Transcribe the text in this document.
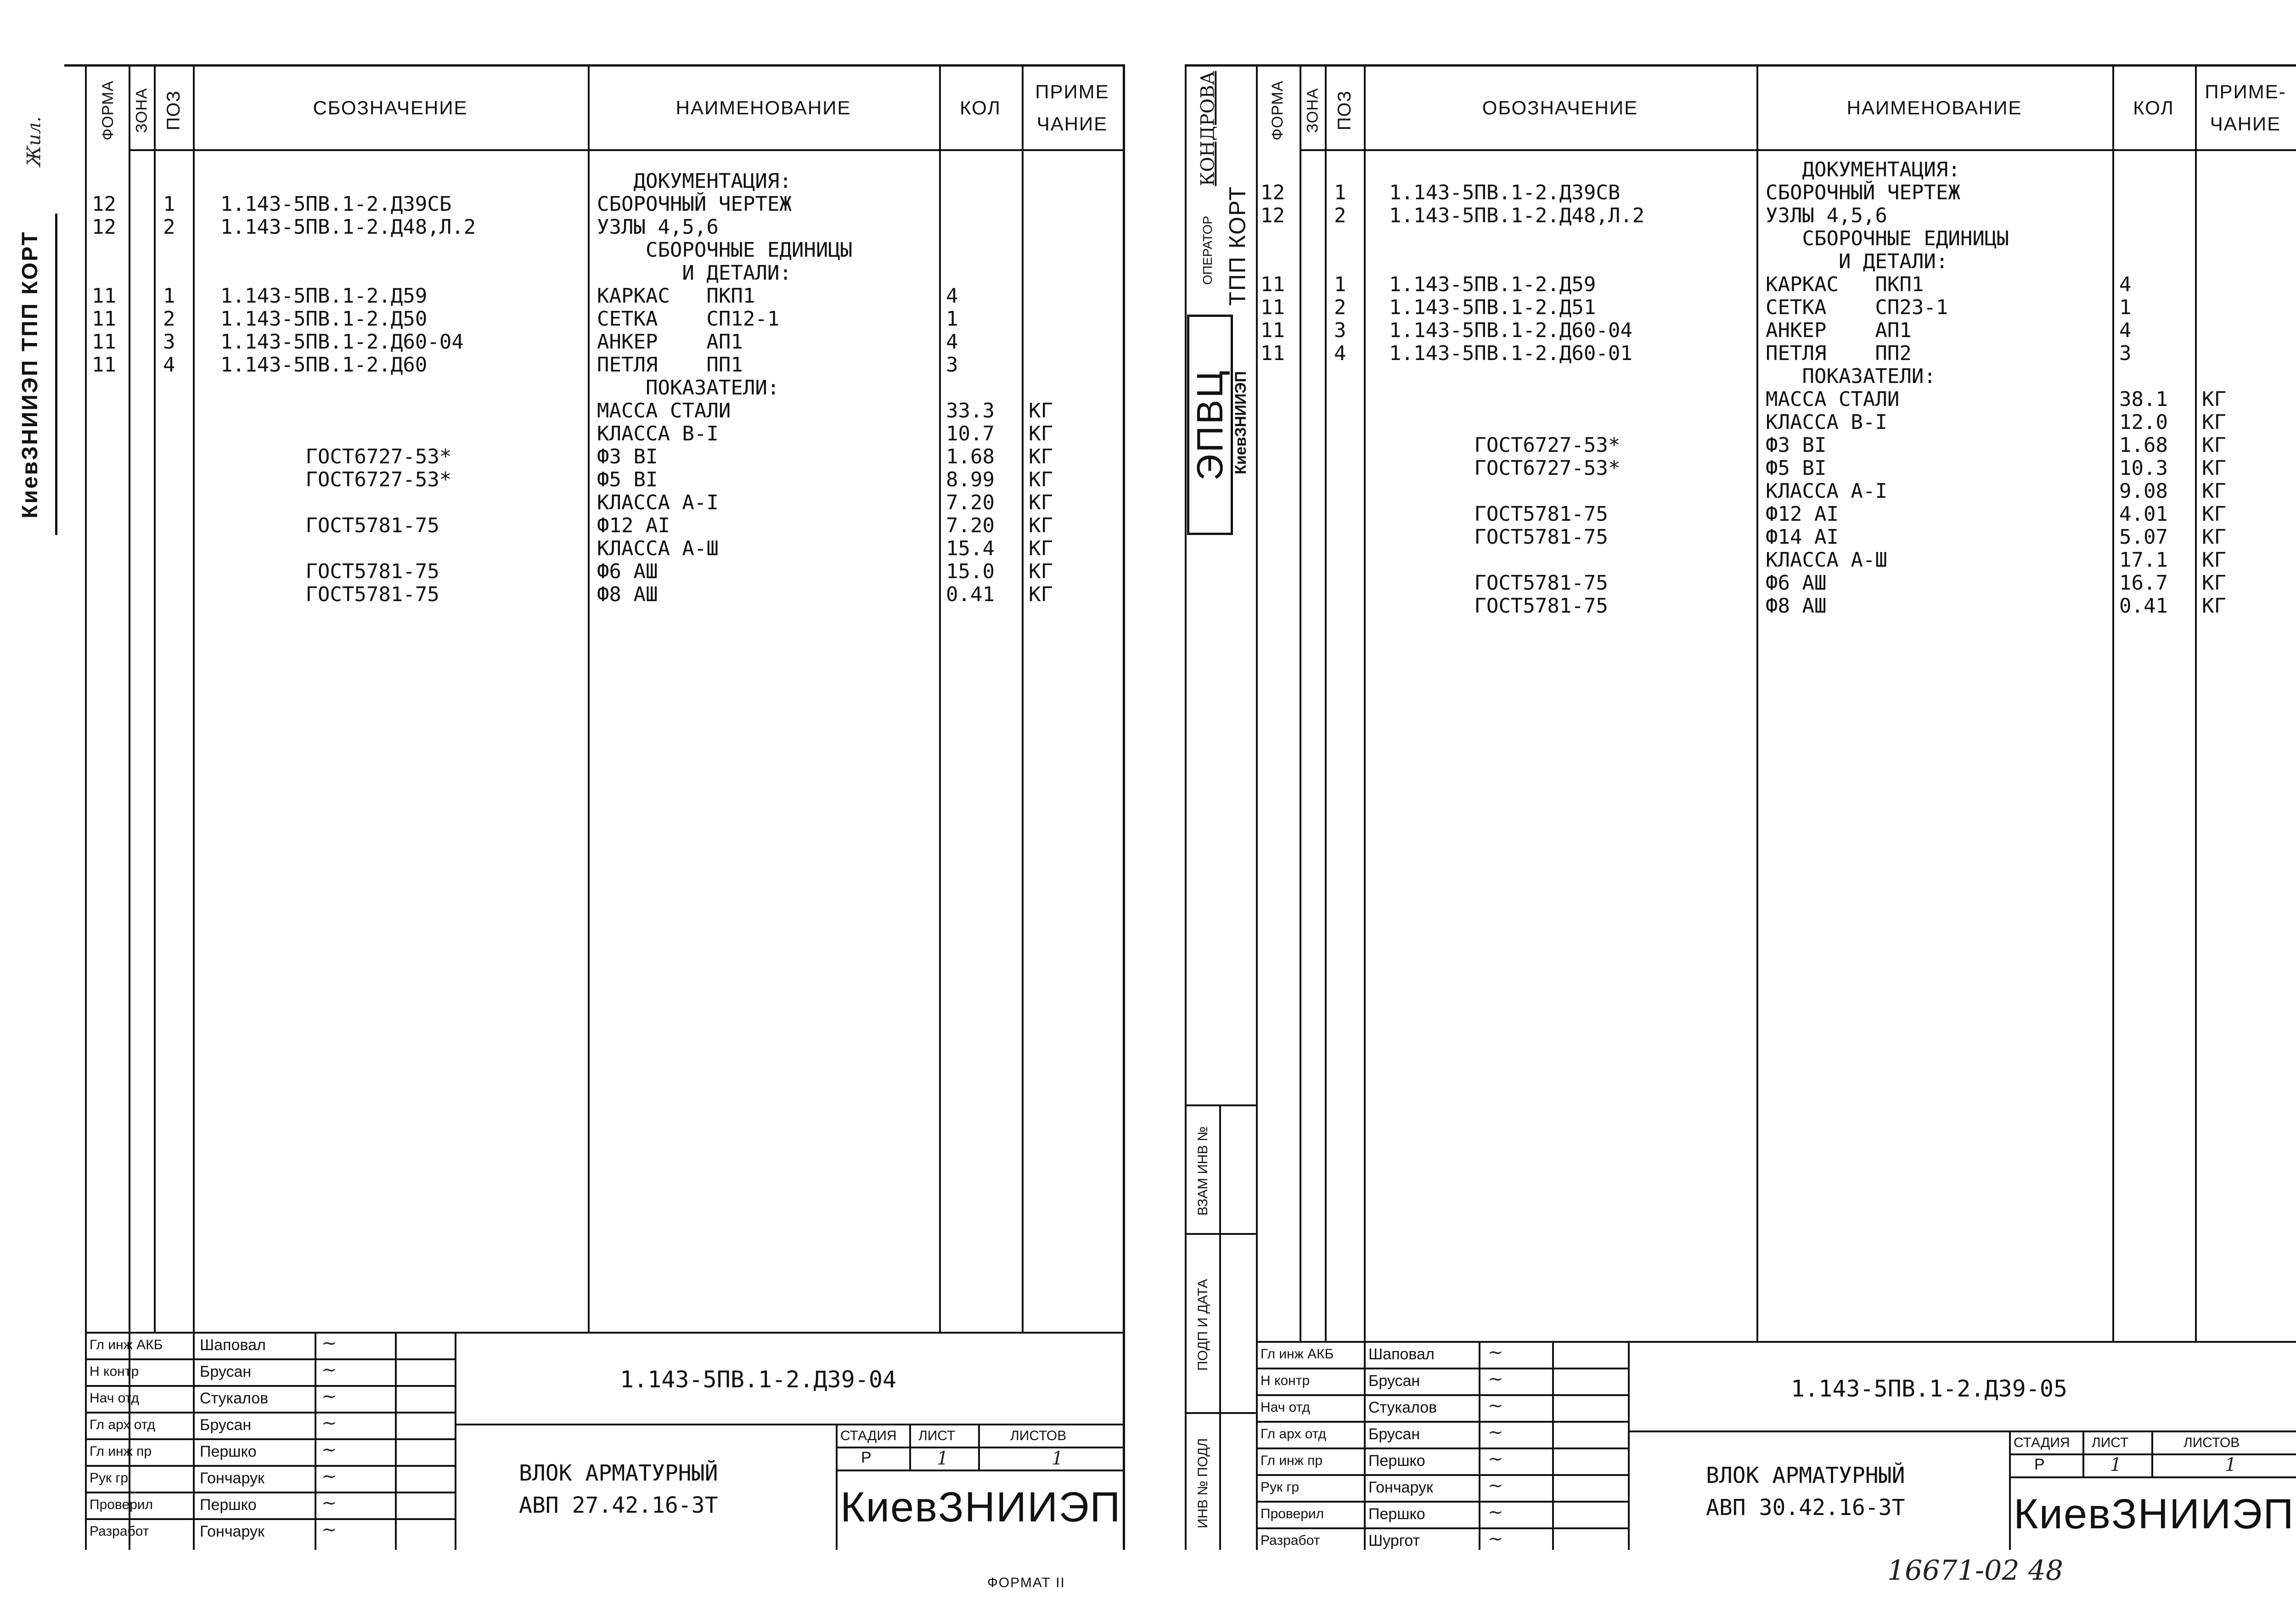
ФОРМА ЗОНА ПОЗ	СБОЗНАЧЕНИЕ	НАИМЕНОВАНИЕ	КОЛ
ПРИМЕ
ЧАНИЕ
ДОКУМЕНТАЦИЯ:
12 1 1.143-5ПВ.1-2.Д39СБ	СБОРОЧНЫЙ ЧЕРТЕЖ
12 2 1.143-5ПВ.1-2.Д48,Л.2	УЗЛЫ 4,5,6
СБОРОЧНЫЕ ЕДИНИЦЫ
И ДЕТАЛИ:
11 1 1.143-5ПВ.1-2.Д59	КАРКАС   ПКП1	4
11 2 1.143-5ПВ.1-2.Д50	СЕТКА    СП12-1	1
11 3 1.143-5ПВ.1-2.Д60-04	АНКЕР    АП1	4
11 4 1.143-5ПВ.1-2.Д60	ПЕТЛЯ    ПП1	3
ПОКАЗАТЕЛИ:
МАССА СТАЛИ	33.3 КГ
КЛАССА В-I	10.7 КГ
ГОСТ6727-53*	Ф3 ВI	1.68 КГ
ГОСТ6727-53*	Ф5 ВI	8.99 КГ
КЛАССА А-I	7.20 КГ
ГОСТ5781-75	Ф12 АI	7.20 КГ
КЛАССА А-Ш	15.4 КГ
ГОСТ5781-75	Ф6 АШ	15.0 КГ
ГОСТ5781-75	Ф8 АШ	0.41 КГ
КиевЗНИИЭП ТПП КОРТ
Жил.
Гл инж АКБ Шаповал	~
Н контр	Брусан	~
Нач отд	Стукалов	~
Гл арх отд	Брусан	~
Гл инж пр	Першко	~
Рук гр	Гончарук	~
Проверил	Першко	~
Разработ	Гончарук	~
1.143-5ПВ.1-2.Д39-04
ВЛОК АРМАТУРНЫЙ
АВП 27.42.16-3Т
СТАДИЯ ЛИСТ	ЛИСТОВ
Р	1	1
КиевЗНИИЭП
ФОРМАТ II
ФОРМА ЗОНА ПОЗ	ОБОЗНАЧЕНИЕ	НАИМЕНОВАНИЕ	КОЛ
ПРИМЕ-
ЧАНИЕ
ДОКУМЕНТАЦИЯ:
12 1 1.143-5ПВ.1-2.Д39СВ	СБОРОЧНЫЙ ЧЕРТЕЖ
12 2 1.143-5ПВ.1-2.Д48,Л.2	УЗЛЫ 4,5,6
СБОРОЧНЫЕ ЕДИНИЦЫ
И ДЕТАЛИ:
11 1 1.143-5ПВ.1-2.Д59	КАРКАС   ПКП1	4
11 2 1.143-5ПВ.1-2.Д51	СЕТКА    СП23-1	1
11 3 1.143-5ПВ.1-2.Д60-04	АНКЕР    АП1	4
11 4 1.143-5ПВ.1-2.Д60-01	ПЕТЛЯ    ПП2	3
ПОКАЗАТЕЛИ:
МАССА СТАЛИ	38.1 КГ
КЛАССА В-I	12.0 КГ
ГОСТ6727-53*	Ф3 ВI	1.68 КГ
ГОСТ6727-53*	Ф5 ВI	10.3 КГ
КЛАССА А-I	9.08 КГ
ГОСТ5781-75	Ф12 АI	4.01 КГ
ГОСТ5781-75	Ф14 АI	5.07 КГ
КЛАССА А-Ш	17.1 КГ
ГОСТ5781-75	Ф6 АШ	16.7 КГ
ГОСТ5781-75	Ф8 АШ	0.41 КГ
ЭПВЦ КиевЗНИИЭП
ОПЕРАТОР ТПП КОРТ
КОНДРОВА
ВЗАМ ИНВ №
ПОДП И ДАТА
ИНВ № ПОДЛ
Гл инж АКБ Шаповал	~
Н контр	Брусан	~
Нач отд	Стукалов	~
Гл арх отд	Брусан	~
Гл инж пр	Першко	~
Рук гр	Гончарук	~
Проверил	Першко	~
Разработ	Шургот	~
1.143-5ПВ.1-2.Д39-05
ВЛОК АРМАТУРНЫЙ
АВП 30.42.16-3Т
СТАДИЯ ЛИСТ	ЛИСТОВ
Р	1	1
КиевЗНИИЭП
16671-02 48
